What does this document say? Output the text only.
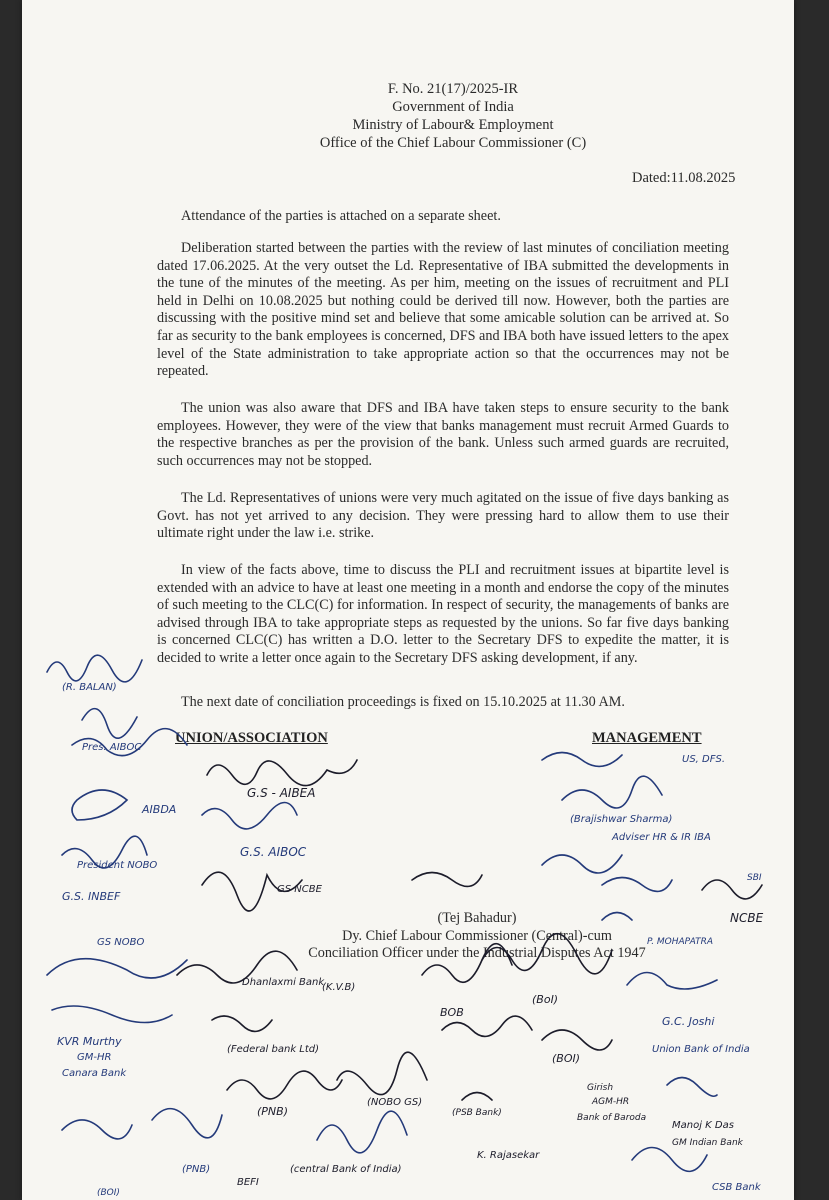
F. No. 21(17)/2025-IR
Government of India
Ministry of Labour& Employment
Office of the Chief Labour Commissioner (C)
Dated:11.08.2025
Attendance of the parties is attached on a separate sheet.
Deliberation started between the parties with the review of last minutes of conciliation meeting dated 17.06.2025. At the very outset the Ld. Representative of IBA submitted the developments in the tune of the minutes of the meeting. As per him, meeting on the issues of recruitment and PLI held in Delhi on 10.08.2025 but nothing could be derived till now. However, both the parties are discussing with the positive mind set and believe that some amicable solution can be arrived at. So far as security to the bank employees is concerned, DFS and IBA both have issued letters to the apex level of the State administration to take appropriate action so that the occurrences may not be repeated.
The union was also aware that DFS and IBA have taken steps to ensure security to the bank employees. However, they were of the view that banks management must recruit Armed Guards to the respective branches as per the provision of the bank. Unless such armed guards are recruited, such occurrences may not be stopped.
The Ld. Representatives of unions were very much agitated on the issue of five days banking as Govt. has not yet arrived to any decision. They were pressing hard to allow them to use their ultimate right under the law i.e. strike.
In view of the facts above, time to discuss the PLI and recruitment issues at bipartite level is extended with an advice to have at least one meeting in a month and endorse the copy of the minutes of such meeting to the CLC(C) for information. In respect of security, the managements of banks are advised through IBA to take appropriate steps as requested by the unions. So far five days banking is concerned CLC(C) has written a D.O. letter to the Secretary DFS to expedite the matter, it is decided to write a letter once again to the Secretary DFS asking development, if any.
The next date of conciliation proceedings is fixed on 15.10.2025 at 11.30 AM.
UNION/ASSOCIATION	MANAGEMENT
(Tej Bahadur)
Dy. Chief Labour Commissioner (Central)-cum
Conciliation Officer under the Industrial Disputes Act 1947
(R. BALAN)
Pres. AIBOC
G.S - AIBEA
AIBDA
G.S. AIBOC
President NOBO
G.S. INBEF
GS NOBO
GS NCBE
Dhanlaxmi Bank
(K.V.B)
KVR Murthy
GM-HR
Canara Bank
(Federal bank Ltd)
BOB
(BoI)
(BOI)
(PNB)
(NOBO GS)
(PSB Bank)
(PNB)
BEFI
(central Bank of India)
(BOI)
US, DFS.
(Brajishwar Sharma)
Adviser HR & IR IBA
SBI
NCBE
P. MOHAPATRA
G.C. Joshi
Union Bank of India
Girish
AGM-HR
Bank of Baroda
Manoj K Das
GM Indian Bank
K. Rajasekar
CSB Bank
